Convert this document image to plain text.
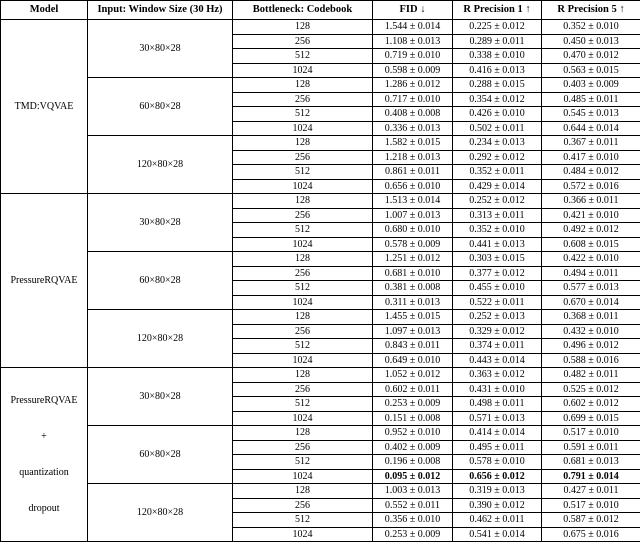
Model	Input: Window Size (30 Hz)	Bottleneck: Codebook	FID ↓	R Precision 1 ↑	R Precision 5 ↑

TMD:VQVAE	30×80×28	128	1.544 ± 0.014	0.225 ± 0.012	0.352 ± 0.010
		256	1.108 ± 0.013	0.289 ± 0.011	0.450 ± 0.013
		512	0.719 ± 0.010	0.338 ± 0.010	0.470 ± 0.012
		1024	0.598 ± 0.009	0.416 ± 0.013	0.563 ± 0.015
	60×80×28	128	1.286 ± 0.012	0.288 ± 0.015	0.403 ± 0.009
		256	0.717 ± 0.010	0.354 ± 0.012	0.485 ± 0.011
		512	0.408 ± 0.008	0.426 ± 0.010	0.545 ± 0.013
		1024	0.336 ± 0.013	0.502 ± 0.011	0.644 ± 0.014
	120×80×28	128	1.582 ± 0.015	0.234 ± 0.013	0.367 ± 0.011
		256	1.218 ± 0.013	0.292 ± 0.012	0.417 ± 0.010
		512	0.861 ± 0.011	0.352 ± 0.011	0.484 ± 0.012
		1024	0.656 ± 0.010	0.429 ± 0.014	0.572 ± 0.016

PressureRQVAE	30×80×28	128	1.513 ± 0.014	0.252 ± 0.012	0.366 ± 0.011
		256	1.007 ± 0.013	0.313 ± 0.011	0.421 ± 0.010
		512	0.680 ± 0.010	0.352 ± 0.010	0.492 ± 0.012
		1024	0.578 ± 0.009	0.441 ± 0.013	0.608 ± 0.015
	60×80×28	128	1.251 ± 0.012	0.303 ± 0.015	0.422 ± 0.010
		256	0.681 ± 0.010	0.377 ± 0.012	0.494 ± 0.011
		512	0.381 ± 0.008	0.455 ± 0.010	0.577 ± 0.013
		1024	0.311 ± 0.013	0.522 ± 0.011	0.670 ± 0.014
	120×80×28	128	1.455 ± 0.015	0.252 ± 0.013	0.368 ± 0.011
		256	1.097 ± 0.013	0.329 ± 0.012	0.432 ± 0.010
		512	0.843 ± 0.011	0.374 ± 0.011	0.496 ± 0.012
		1024	0.649 ± 0.010	0.443 ± 0.014	0.588 ± 0.016

PressureRQVAE
+
quantization
dropout	30×80×28	128	1.052 ± 0.012	0.363 ± 0.012	0.482 ± 0.011
		256	0.602 ± 0.011	0.431 ± 0.010	0.525 ± 0.012
		512	0.253 ± 0.009	0.498 ± 0.011	0.602 ± 0.012
		1024	0.151 ± 0.008	0.571 ± 0.013	0.699 ± 0.015
	60×80×28	128	0.952 ± 0.010	0.414 ± 0.014	0.517 ± 0.010
		256	0.402 ± 0.009	0.495 ± 0.011	0.591 ± 0.011
		512	0.196 ± 0.008	0.578 ± 0.010	0.681 ± 0.013
		1024	0.095 ± 0.012	0.656 ± 0.012	0.791 ± 0.014
	120×80×28	128	1.003 ± 0.013	0.319 ± 0.013	0.427 ± 0.011
		256	0.552 ± 0.011	0.390 ± 0.012	0.517 ± 0.010
		512	0.356 ± 0.010	0.462 ± 0.011	0.587 ± 0.012
		1024	0.253 ± 0.009	0.541 ± 0.014	0.675 ± 0.016
